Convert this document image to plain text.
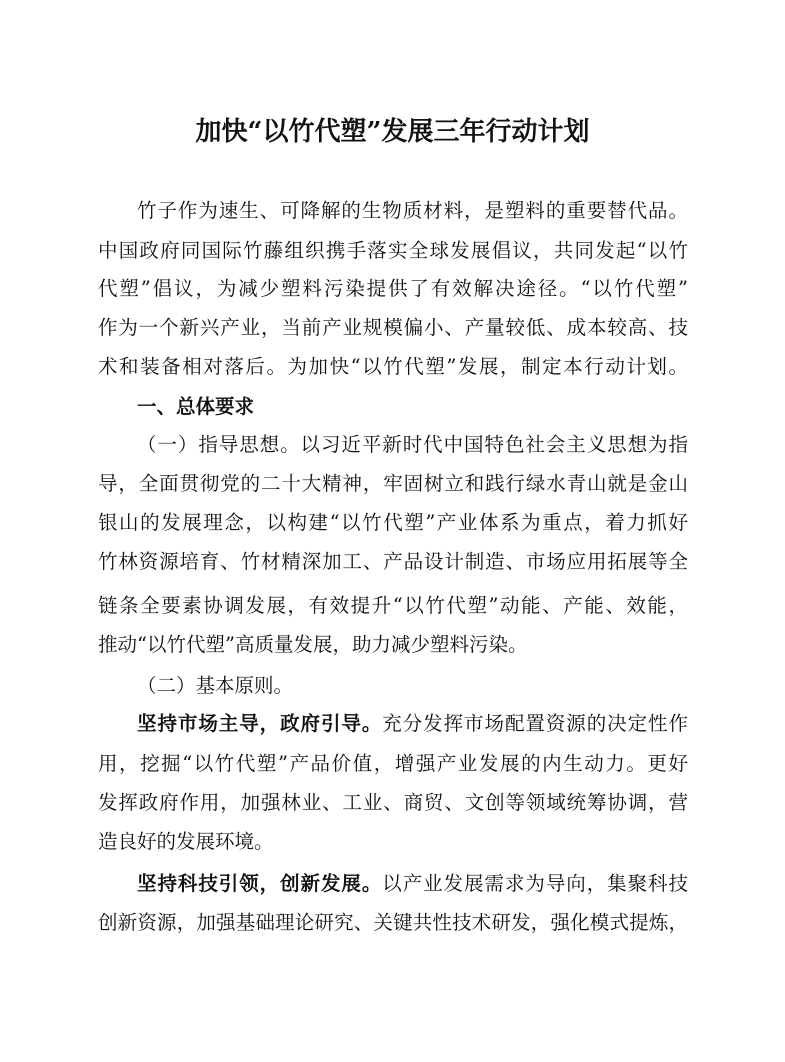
加快“以竹代塑”发展三年行动计划
竹子作为速生、可降解的生物质材料，是塑料的重要替代品。
中国政府同国际竹藤组织携手落实全球发展倡议，共同发起“以竹
代塑”倡议，为减少塑料污染提供了有效解决途径。“以竹代塑”
作为一个新兴产业，当前产业规模偏小、产量较低、成本较高、技
术和装备相对落后。为加快“以竹代塑”发展，制定本行动计划。
一、总体要求
（一）指导思想。以习近平新时代中国特色社会主义思想为指
导，全面贯彻党的二十大精神，牢固树立和践行绿水青山就是金山
银山的发展理念，以构建“以竹代塑”产业体系为重点，着力抓好
竹林资源培育、竹材精深加工、产品设计制造、市场应用拓展等全
链条全要素协调发展，有效提升“以竹代塑”动能、产能、效能，
推动“以竹代塑”高质量发展，助力减少塑料污染。
（二）基本原则。
坚持市场主导，政府引导。充分发挥市场配置资源的决定性作
用，挖掘“以竹代塑”产品价值，增强产业发展的内生动力。更好
发挥政府作用，加强林业、工业、商贸、文创等领域统筹协调，营
造良好的发展环境。
坚持科技引领，创新发展。以产业发展需求为导向，集聚科技
创新资源，加强基础理论研究、关键共性技术研发，强化模式提炼，
